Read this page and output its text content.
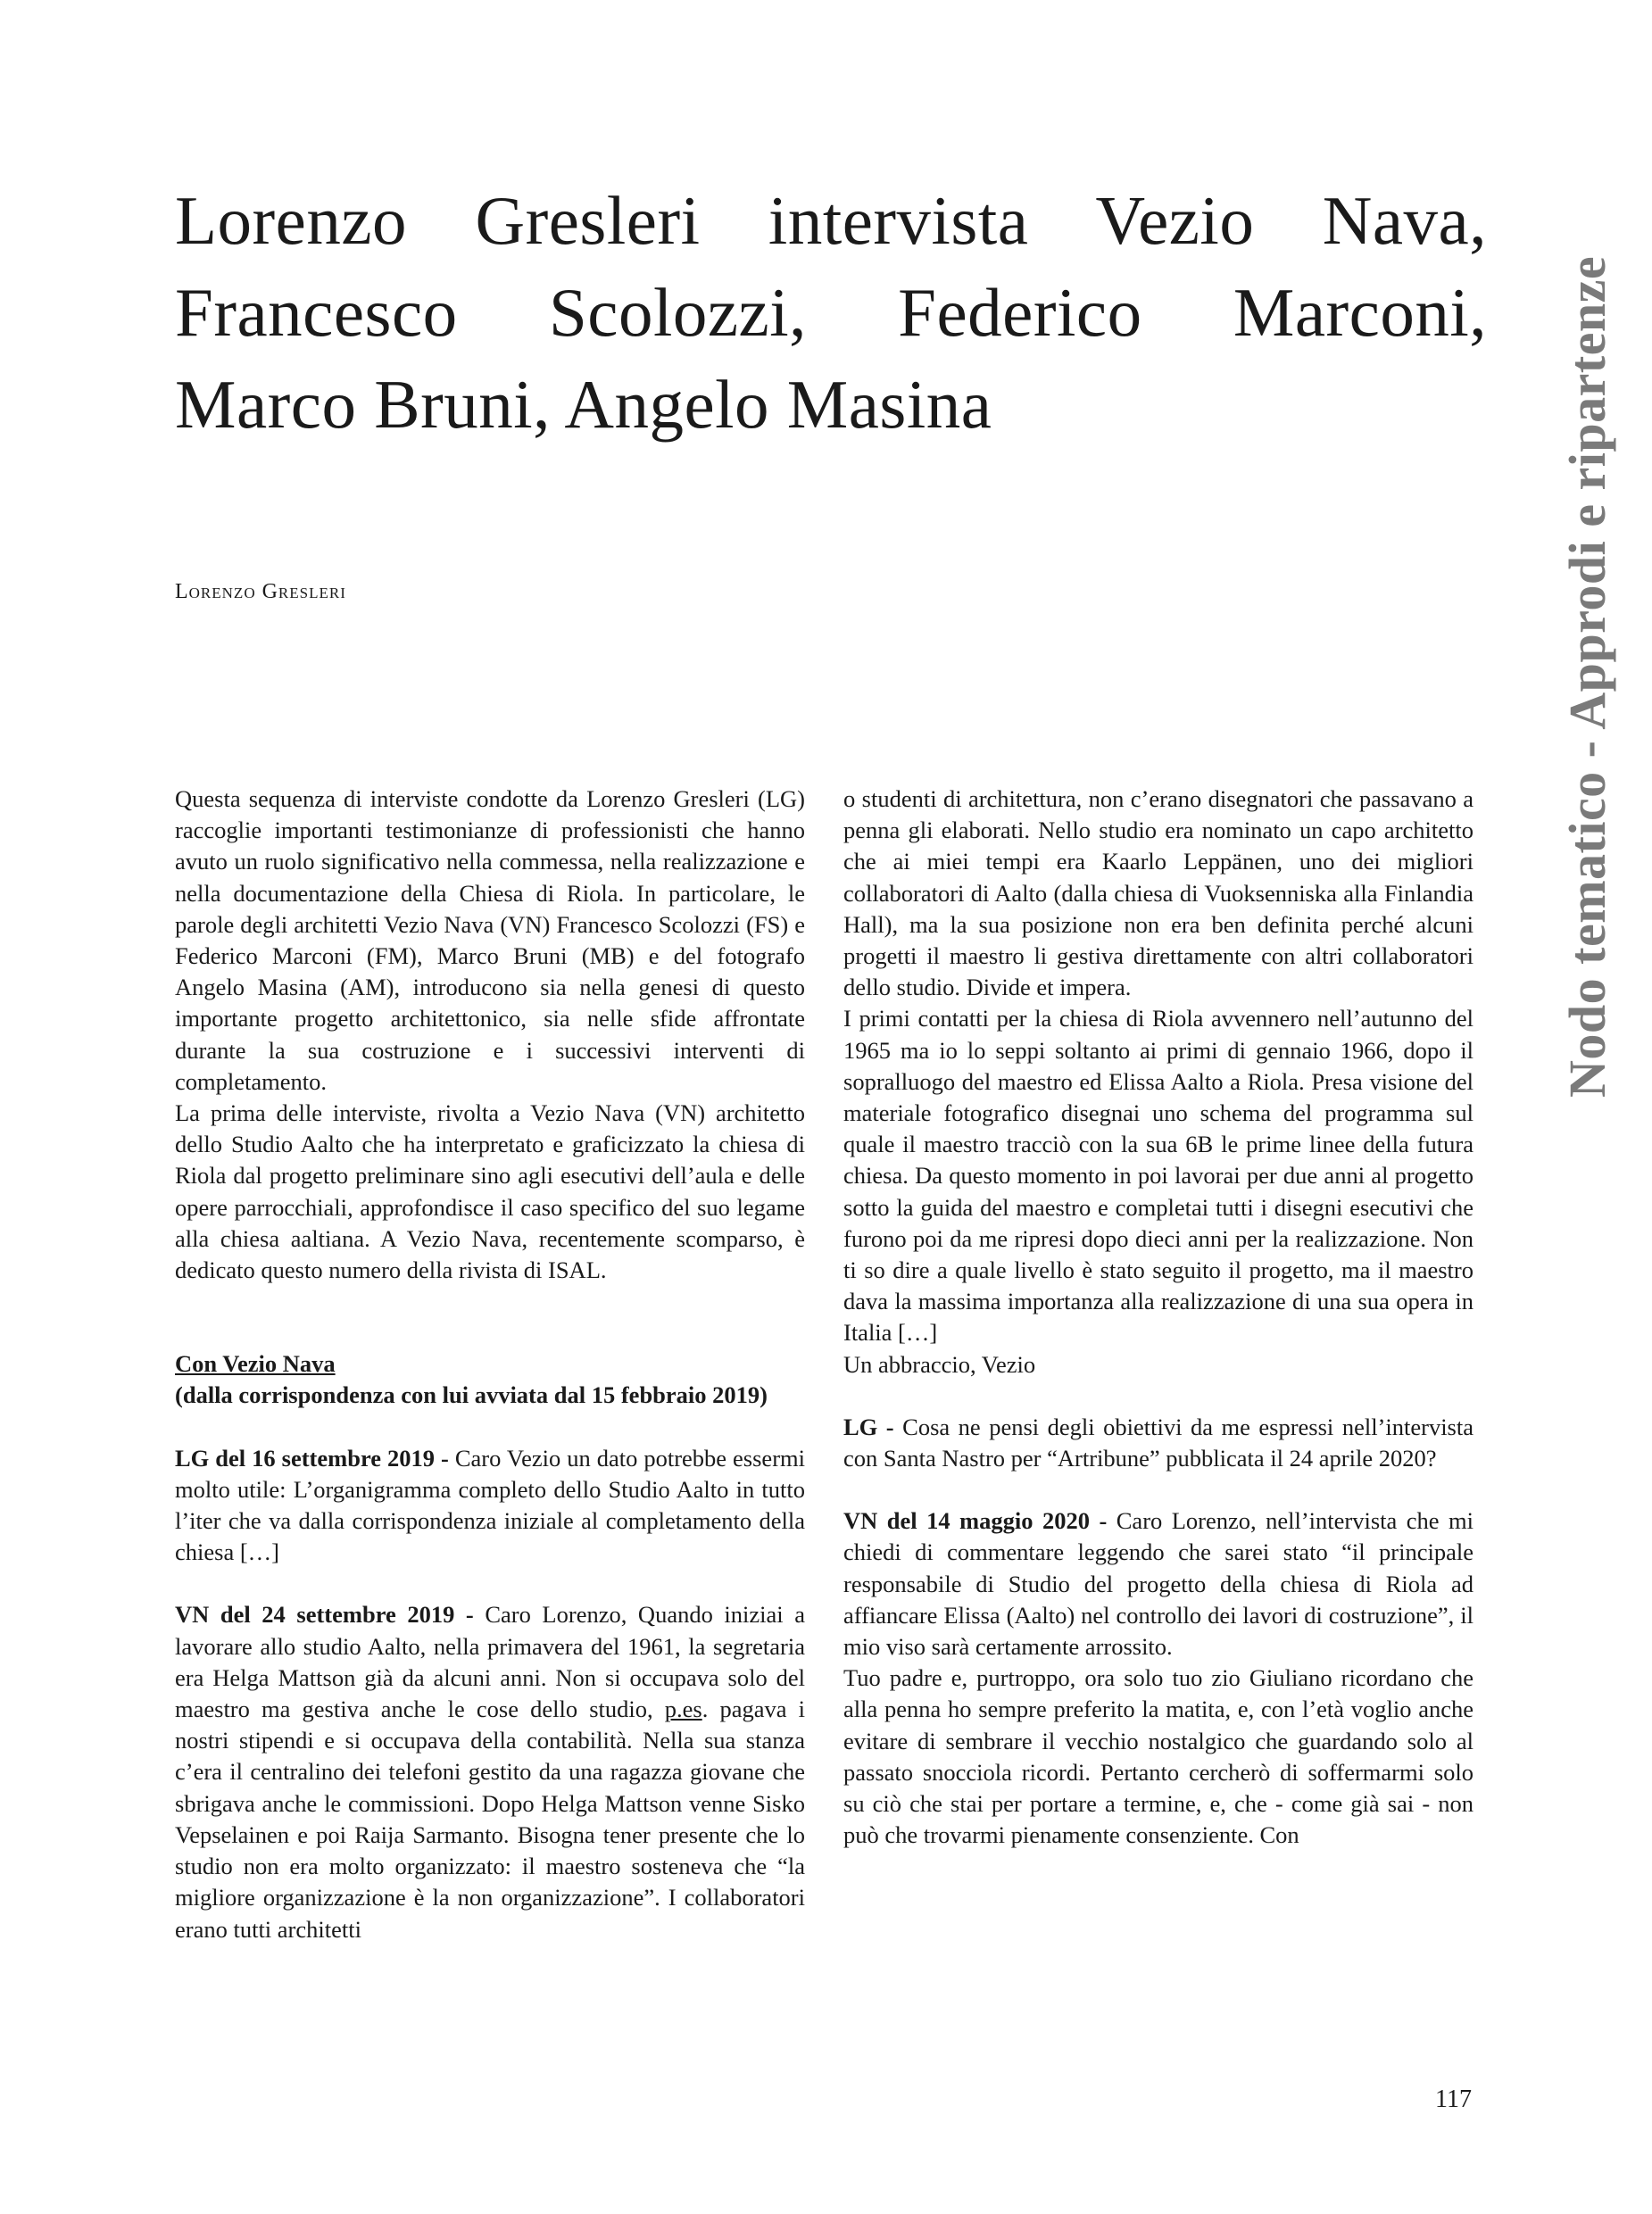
Lorenzo Gresleri intervista Vezio Nava,
Francesco Scolozzi, Federico Marconi,
Marco Bruni, Angelo Masina
Lorenzo Gresleri

Questa sequenza di interviste condotte da Lorenzo Gresleri (LG) raccoglie importanti testimonianze di professionisti che hanno avuto un ruolo significativo nella commessa, nella realizzazione e nella documentazione della Chiesa di Riola. In particolare, le parole degli architetti Vezio Nava (VN) Francesco Scolozzi (FS) e Federico Marconi (FM), Marco Bruni (MB) e del fotografo Angelo Masina (AM), introducono sia nella genesi di questo importante progetto architettonico, sia nelle sfide affrontate durante la sua costruzione e i successivi interventi di completamento.

La prima delle interviste, rivolta a Vezio Nava (VN) architetto dello Studio Aalto che ha interpretato e graficizzato la chiesa di Riola dal progetto preliminare sino agli esecutivi dell’aula e delle opere parrocchiali, approfondisce il caso specifico del suo legame alla chiesa aaltiana. A Vezio Nava, recentemente scomparso, è dedicato questo numero della rivista di ISAL.

Con Vezio Nava

(dalla corrispondenza con lui avviata dal 15 febbraio 2019)

LG del 16 settembre 2019 - Caro Vezio un dato potrebbe essermi molto utile: L’organigramma completo dello Studio Aalto in tutto l’iter che va dalla corrispondenza iniziale al completamento della chiesa […]

VN del 24 settembre 2019 - Caro Lorenzo, Quando iniziai a lavorare allo studio Aalto, nella primavera del 1961, la segretaria era Helga Mattson già da alcuni anni. Non si occupava solo del maestro ma gestiva anche le cose dello studio, p.es. pagava i nostri stipendi e si occupava della contabilità. Nella sua stanza c’era il centralino dei telefoni gestito da una ragazza giovane che sbrigava anche le commissioni. Dopo Helga Mattson venne Sisko Vepselainen e poi Raija Sarmanto. Bisogna tener presente che lo studio non era molto organizzato: il maestro sosteneva che “la migliore organizzazione è la non organizzazione”. I collaboratori erano tutti architetti

o studenti di architettura, non c’erano disegnatori che passavano a penna gli elaborati. Nello studio era nominato un capo architetto che ai miei tempi era Kaarlo Leppänen, uno dei migliori collaboratori di Aalto (dalla chiesa di Vuoksenniska alla Finlandia Hall), ma la sua posizione non era ben definita perché alcuni progetti il maestro li gestiva direttamente con altri collaboratori dello studio. Divide et impera.

I primi contatti per la chiesa di Riola avvennero nell’autunno del 1965 ma io lo seppi soltanto ai primi di gennaio 1966, dopo il sopralluogo del maestro ed Elissa Aalto a Riola. Presa visione del materiale fotografico disegnai uno schema del programma sul quale il maestro tracciò con la sua 6B le prime linee della futura chiesa. Da questo momento in poi lavorai per due anni al progetto sotto la guida del maestro e completai tutti i disegni esecutivi che furono poi da me ripresi dopo dieci anni per la realizzazione. Non ti so dire a quale livello è stato seguito il progetto, ma il maestro dava la massima importanza alla realizzazione di una sua opera in Italia […]

Un abbraccio, Vezio

LG - Cosa ne pensi degli obiettivi da me espressi nell’intervista con Santa Nastro per “Artribune” pubblicata il 24 aprile 2020?

VN del 14 maggio 2020 - Caro Lorenzo, nell’intervista che mi chiedi di commentare leggendo che sarei stato “il principale responsabile di Studio del progetto della chiesa di Riola ad affiancare Elissa (Aalto) nel controllo dei lavori di costruzione”, il mio viso sarà certamente arrossito.

Tuo padre e, purtroppo, ora solo tuo zio Giuliano ricordano che alla penna ho sempre preferito la matita, e, con l’età voglio anche evitare di sembrare il vecchio nostalgico che guardando solo al passato snocciola ricordi. Pertanto cercherò di soffermarmi solo su ciò che stai per portare a termine, e, che - come già sai - non può che trovarmi pienamente consenziente. Con

Nodo tematico - Approdi e ripartenze
117
